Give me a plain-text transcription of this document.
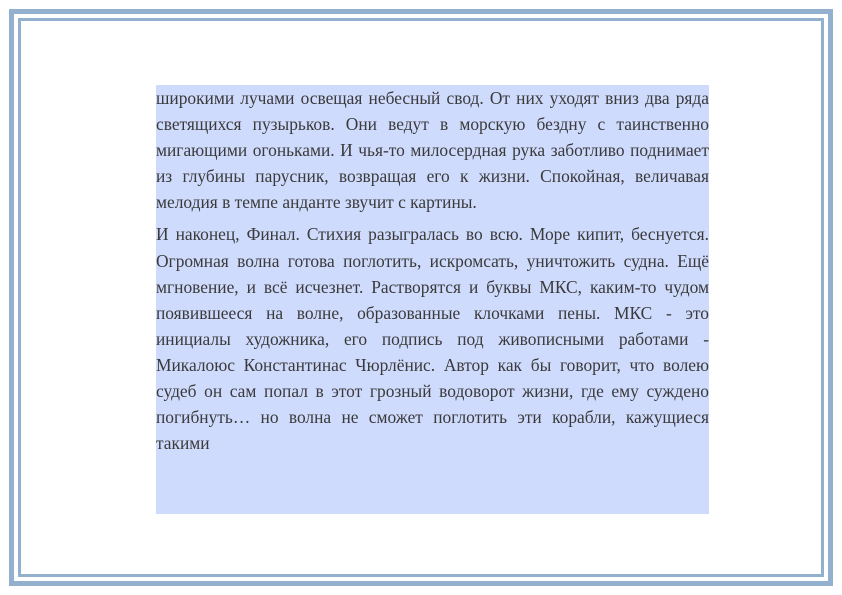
широкими лучами освещая небесный свод. От них уходят вниз два ряда светящихся пузырьков. Они ведут в морскую бездну с таинственно мигающими огоньками. И чья-то милосердная рука заботливо поднимает из глубины парусник, возвращая его к жизни. Спокойная, величавая мелодия в темпе анданте звучит с картины.

И наконец, Финал. Стихия разыгралась во всю. Море кипит, беснуется. Огромная волна готова поглотить, искромсать, уничтожить судна. Ещё мгновение, и всё исчезнет. Растворятся и буквы МКС, каким-то чудом появившееся на волне, образованные клочками пены. МКС - это инициалы художника, его подпись под живописными работами - Микалоюс Константинас Чюрлёнис. Автор как бы говорит, что волею судеб он сам попал в этот грозный водоворот жизни, где ему суждено погибнуть… но волна не сможет поглотить эти корабли, кажущиеся такими
